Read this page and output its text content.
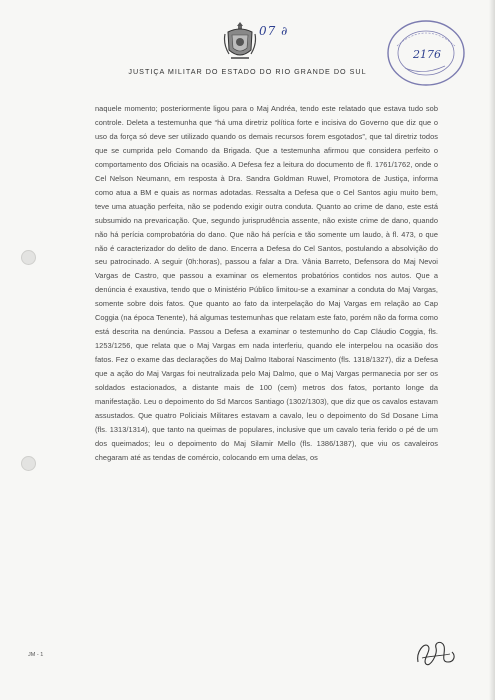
07 ∂
2176
JUSTIÇA MILITAR DO ESTADO DO RIO GRANDE DO SUL
naquele momento; posteriormente ligou para o Maj Andréa, tendo este relatado que estava tudo sob controle. Deleta a testemunha que “há uma diretriz política forte e incisiva do Governo que diz que o uso da força só deve ser utilizado quando os demais recursos forem esgotados”, que tal diretriz todos que se cumprida pelo Comando da Brigada. Que a testemunha afirmou que considera perfeito o comportamento dos Oficiais na ocasião. A Defesa fez a leitura do documento de fl. 1761/1762, onde o Cel Nelson Neumann, em resposta à Dra. Sandra Goldman Ruwel, Promotora de Justiça, informa como atua a BM e quais as normas adotadas. Ressalta a Defesa que o Cel Santos agiu muito bem, teve uma atuação perfeita, não se podendo exigir outra conduta. Quanto ao crime de dano, este está subsumido na prevaricação. Que, segundo jurisprudência assente, não existe crime de dano, quando não há perícia comprobatória do dano. Que não há perícia e tão somente um laudo, à fl. 473, o que não é caracterizador do delito de dano. Encerra a Defesa do Cel Santos, postulando a absolvição do seu patrocinado. A seguir (0h:horas), passou a falar a Dra. Vânia Barreto, Defensora do Maj Nevoi Vargas de Castro, que passou a examinar os elementos probatórios contidos nos autos. Que a denúncia é exaustiva, tendo que o Ministério Público limitou-se a examinar a conduta do Maj Vargas, somente sobre dois fatos. Que quanto ao fato da interpelação do Maj Vargas em relação ao Cap Coggia (na época Tenente), há algumas testemunhas que relatam este fato, porém não da forma como está descrita na denúncia. Passou a Defesa a examinar o testemunho do Cap Cláudio Coggia, fls. 1253/1256, que relata que o Maj Vargas em nada interferiu, quando ele interpelou na ocasião dos fatos. Fez o exame das declarações do Maj Dalmo Itaboraí Nascimento (fls. 1318/1327), diz a Defesa que a ação do Maj Vargas foi neutralizada pelo Maj Dalmo, que o Maj Vargas permanecia por ser os soldados estacionados, a distante mais de 100 (cem) metros dos fatos, portanto longe da manifestação. Leu o depoimento do Sd Marcos Santiago (1302/1303), que diz que os cavalos estavam assustados. Que quatro Policiais Militares estavam a cavalo, leu o depoimento do Sd Dosane Lima (fls. 1313/1314), que tanto na queimas de populares, inclusive que um cavalo teria ferido o pé de um dos queimados; leu o depoimento do Maj Silamir Mello (fls. 1386/1387), que viu os cavaleiros chegaram até as tendas de comércio, colocando em uma delas, os
JM - 1
